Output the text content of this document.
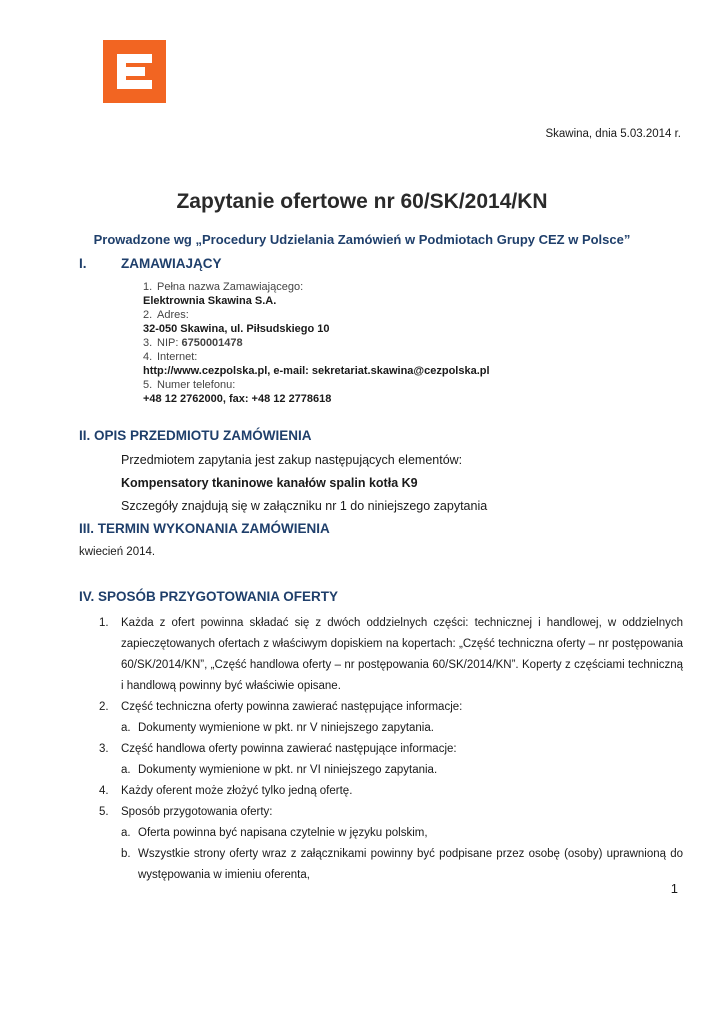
Skawina, dnia 5.03.2014 r.
Zapytanie ofertowe nr 60/SK/2014/KN
Prowadzone wg „Procedury Udzielania Zamówień w Podmiotach Grupy CEZ w Polsce”
I.	ZAMAWIAJĄCY
1. Pełna nazwa Zamawiającego:
Elektrownia Skawina S.A.
2. Adres:
32-050 Skawina, ul. Piłsudskiego 10
3. NIP: 6750001478
4. Internet:
http://www.cezpolska.pl, e-mail: sekretariat.skawina@cezpolska.pl
5. Numer telefonu:
+48 12 2762000, fax: +48 12 2778618
II. OPIS PRZEDMIOTU ZAMÓWIENIA
Przedmiotem zapytania jest zakup następujących elementów:
Kompensatory tkaninowe kanałów spalin kotła K9
Szczegóły znajdują się w załączniku nr 1 do niniejszego zapytania
III. TERMIN WYKONANIA ZAMÓWIENIA
kwiecień 2014.
IV. SPOSÓB PRZYGOTOWANIA OFERTY
1. Każda z ofert powinna składać się z dwóch oddzielnych części: technicznej i handlowej, w oddzielnych zapieczętowanych ofertach z właściwym dopiskiem na kopertach: „Część techniczna oferty – nr postępowania 60/SK/2014/KN”, „Część handlowa oferty – nr postępowania 60/SK/2014/KN”. Koperty z częściami techniczną i handlową powinny być właściwie opisane.
2. Część techniczna oferty powinna zawierać następujące informacje:
a. Dokumenty wymienione w pkt. nr V niniejszego zapytania.
3. Część handlowa oferty powinna zawierać następujące informacje:
a. Dokumenty wymienione w pkt. nr VI niniejszego zapytania.
4. Każdy oferent może złożyć tylko jedną ofertę.
5. Sposób przygotowania oferty:
a. Oferta powinna być napisana czytelnie w języku polskim,
b. Wszystkie strony oferty wraz z załącznikami powinny być podpisane przez osobę (osoby) uprawnioną do występowania w imieniu oferenta,
1
